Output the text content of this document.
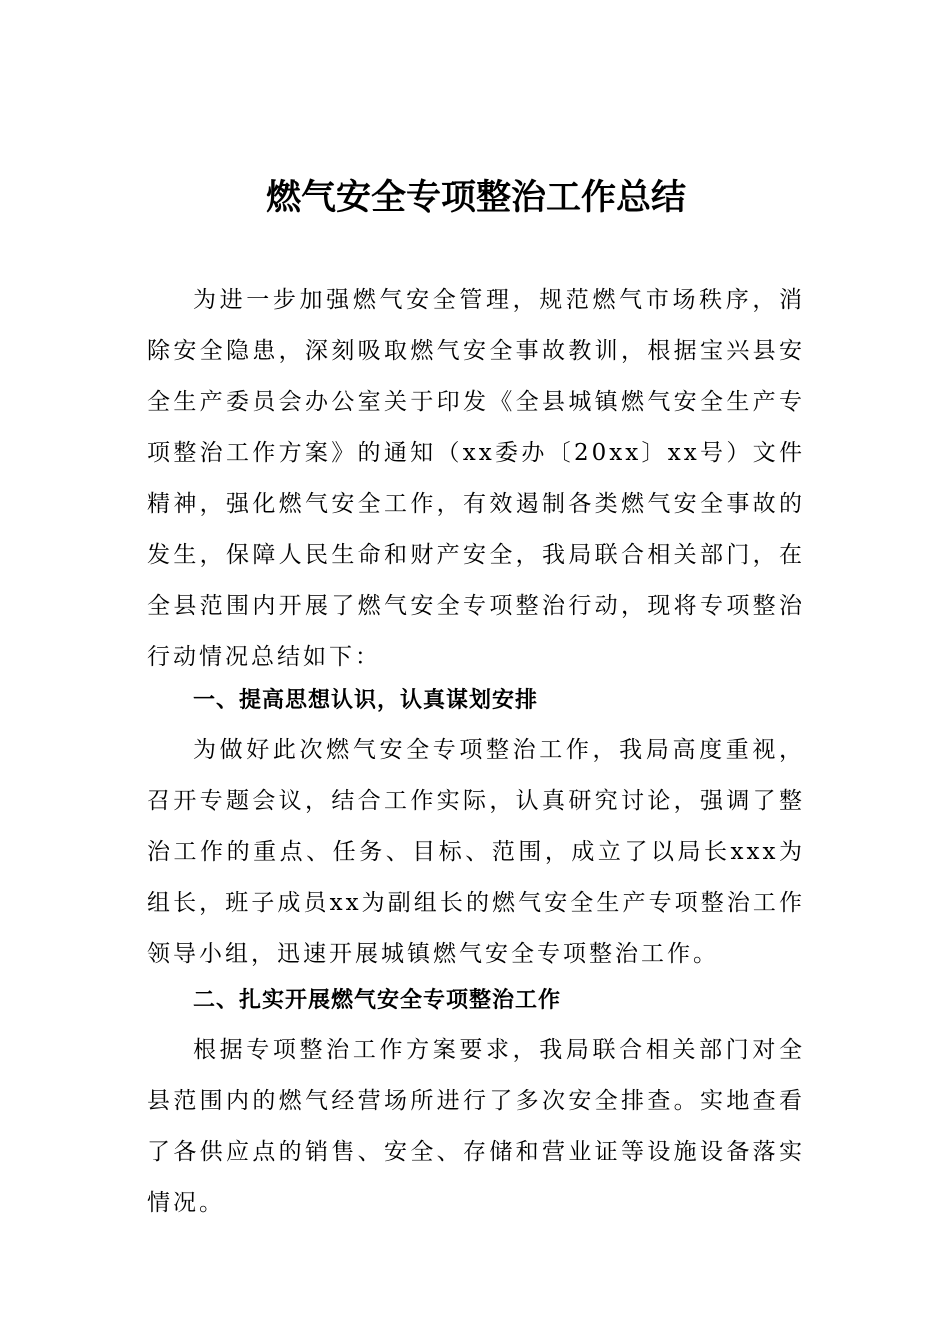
燃气安全专项整治工作总结

为进一步加强燃气安全管理，规范燃气市场秩序，消除安全隐患，深刻吸取燃气安全事故教训，根据宝兴县安全生产委员会办公室关于印发《全县城镇燃气安全生产专项整治工作方案》的通知（xx委办〔20xx〕xx号）文件精神，强化燃气安全工作，有效遏制各类燃气安全事故的发生，保障人民生命和财产安全，我局联合相关部门，在全县范围内开展了燃气安全专项整治行动，现将专项整治行动情况总结如下：

一、提高思想认识，认真谋划安排

为做好此次燃气安全专项整治工作，我局高度重视，召开专题会议，结合工作实际，认真研究讨论，强调了整治工作的重点、任务、目标、范围，成立了以局长xxx为组长，班子成员xx为副组长的燃气安全生产专项整治工作领导小组，迅速开展城镇燃气安全专项整治工作。

二、扎实开展燃气安全专项整治工作

根据专项整治工作方案要求，我局联合相关部门对全县范围内的燃气经营场所进行了多次安全排查。实地查看了各供应点的销售、安全、存储和营业证等设施设备落实情况。
